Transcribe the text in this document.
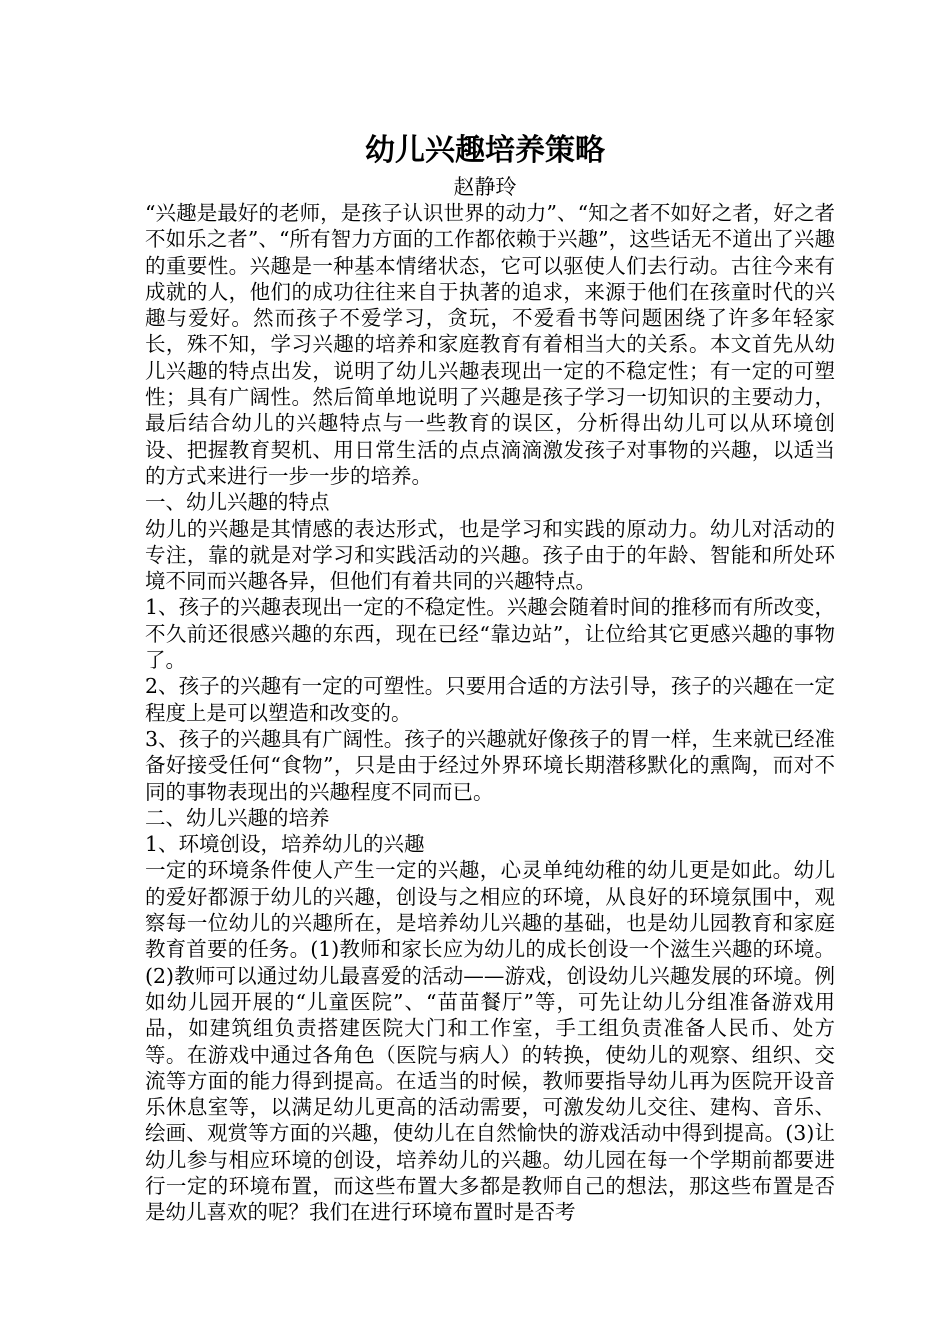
幼儿兴趣培养策略
赵静玲

“兴趣是最好的老师，是孩子认识世界的动力”、“知之者不如好之者，好之者不如乐之者”、“所有智力方面的工作都依赖于兴趣”，这些话无不道出了兴趣的重要性。兴趣是一种基本情绪状态，它可以驱使人们去行动。古往今来有成就的人，他们的成功往往来自于执著的追求，来源于他们在孩童时代的兴趣与爱好。然而孩子不爱学习，贪玩，不爱看书等问题困绕了许多年轻家长，殊不知，学习兴趣的培养和家庭教育有着相当大的关系。本文首先从幼儿兴趣的特点出发，说明了幼儿兴趣表现出一定的不稳定性；有一定的可塑性；具有广阔性。然后简单地说明了兴趣是孩子学习一切知识的主要动力，最后结合幼儿的兴趣特点与一些教育的误区，分析得出幼儿可以从环境创设、把握教育契机、用日常生活的点点滴滴激发孩子对事物的兴趣，以适当的方式来进行一步一步的培养。

一、幼儿兴趣的特点

幼儿的兴趣是其情感的表达形式，也是学习和实践的原动力。幼儿对活动的专注，靠的就是对学习和实践活动的兴趣。孩子由于的年龄、智能和所处环境不同而兴趣各异，但他们有着共同的兴趣特点。

1、孩子的兴趣表现出一定的不稳定性。兴趣会随着时间的推移而有所改变，不久前还很感兴趣的东西，现在已经“靠边站”，让位给其它更感兴趣的事物了。

2、孩子的兴趣有一定的可塑性。只要用合适的方法引导，孩子的兴趣在一定程度上是可以塑造和改变的。

3、孩子的兴趣具有广阔性。孩子的兴趣就好像孩子的胃一样，生来就已经准备好接受任何“食物”，只是由于经过外界环境长期潜移默化的熏陶，而对不同的事物表现出的兴趣程度不同而已。

二、幼儿兴趣的培养

1、环境创设，培养幼儿的兴趣

一定的环境条件使人产生一定的兴趣，心灵单纯幼稚的幼儿更是如此。幼儿的爱好都源于幼儿的兴趣，创设与之相应的环境，从良好的环境氛围中，观察每一位幼儿的兴趣所在，是培养幼儿兴趣的基础，也是幼儿园教育和家庭教育首要的任务。(1)教师和家长应为幼儿的成长创设一个滋生兴趣的环境。(2)教师可以通过幼儿最喜爱的活动——游戏，创设幼儿兴趣发展的环境。例如幼儿园开展的“儿童医院”、“苗苗餐厅”等，可先让幼儿分组准备游戏用品，如建筑组负责搭建医院大门和工作室，手工组负责准备人民币、处方等。在游戏中通过各角色（医院与病人）的转换，使幼儿的观察、组织、交流等方面的能力得到提高。在适当的时候，教师要指导幼儿再为医院开设音乐休息室等，以满足幼儿更高的活动需要，可激发幼儿交往、建构、音乐、绘画、观赏等方面的兴趣，使幼儿在自然愉快的游戏活动中得到提高。(3)让幼儿参与相应环境的创设，培养幼儿的兴趣。幼儿园在每一个学期前都要进行一定的环境布置，而这些布置大多都是教师自己的想法，那这些布置是否是幼儿喜欢的呢？我们在进行环境布置时是否考
